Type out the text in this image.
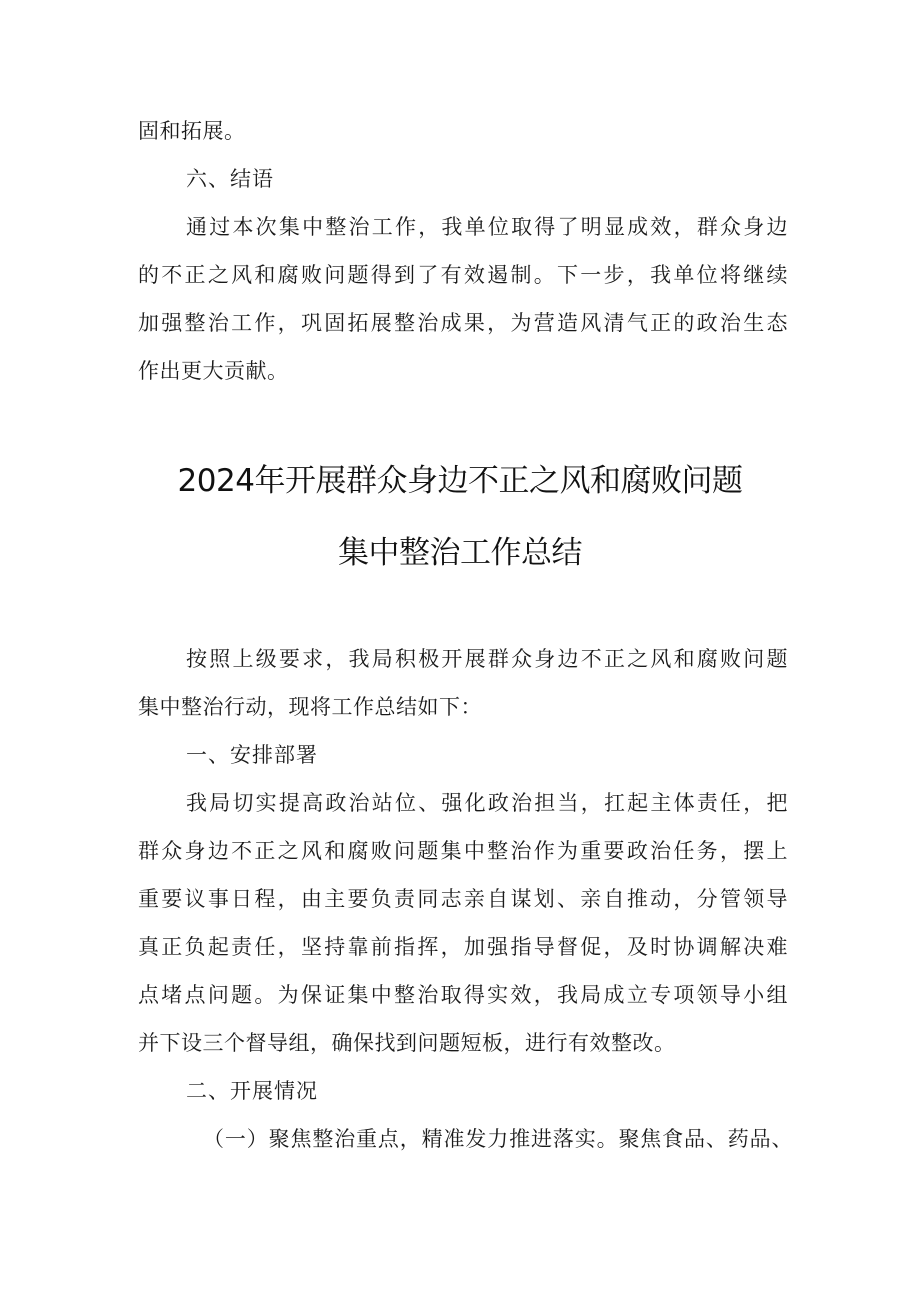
固和拓展。
六、结语
通过本次集中整治工作，我单位取得了明显成效，群众身边
的不正之风和腐败问题得到了有效遏制。下一步，我单位将继续
加强整治工作，巩固拓展整治成果，为营造风清气正的政治生态
作出更大贡献。
2024年开展群众身边不正之风和腐败问题
集中整治工作总结
按照上级要求，我局积极开展群众身边不正之风和腐败问题
集中整治行动，现将工作总结如下：
一、安排部署
我局切实提高政治站位、强化政治担当，扛起主体责任，把
群众身边不正之风和腐败问题集中整治作为重要政治任务，摆上
重要议事日程，由主要负责同志亲自谋划、亲自推动，分管领导
真正负起责任，坚持靠前指挥，加强指导督促，及时协调解决难
点堵点问题。为保证集中整治取得实效，我局成立专项领导小组
并下设三个督导组，确保找到问题短板，进行有效整改。
二、开展情况
（一）聚焦整治重点，精准发力推进落实。聚焦食品、药品、
